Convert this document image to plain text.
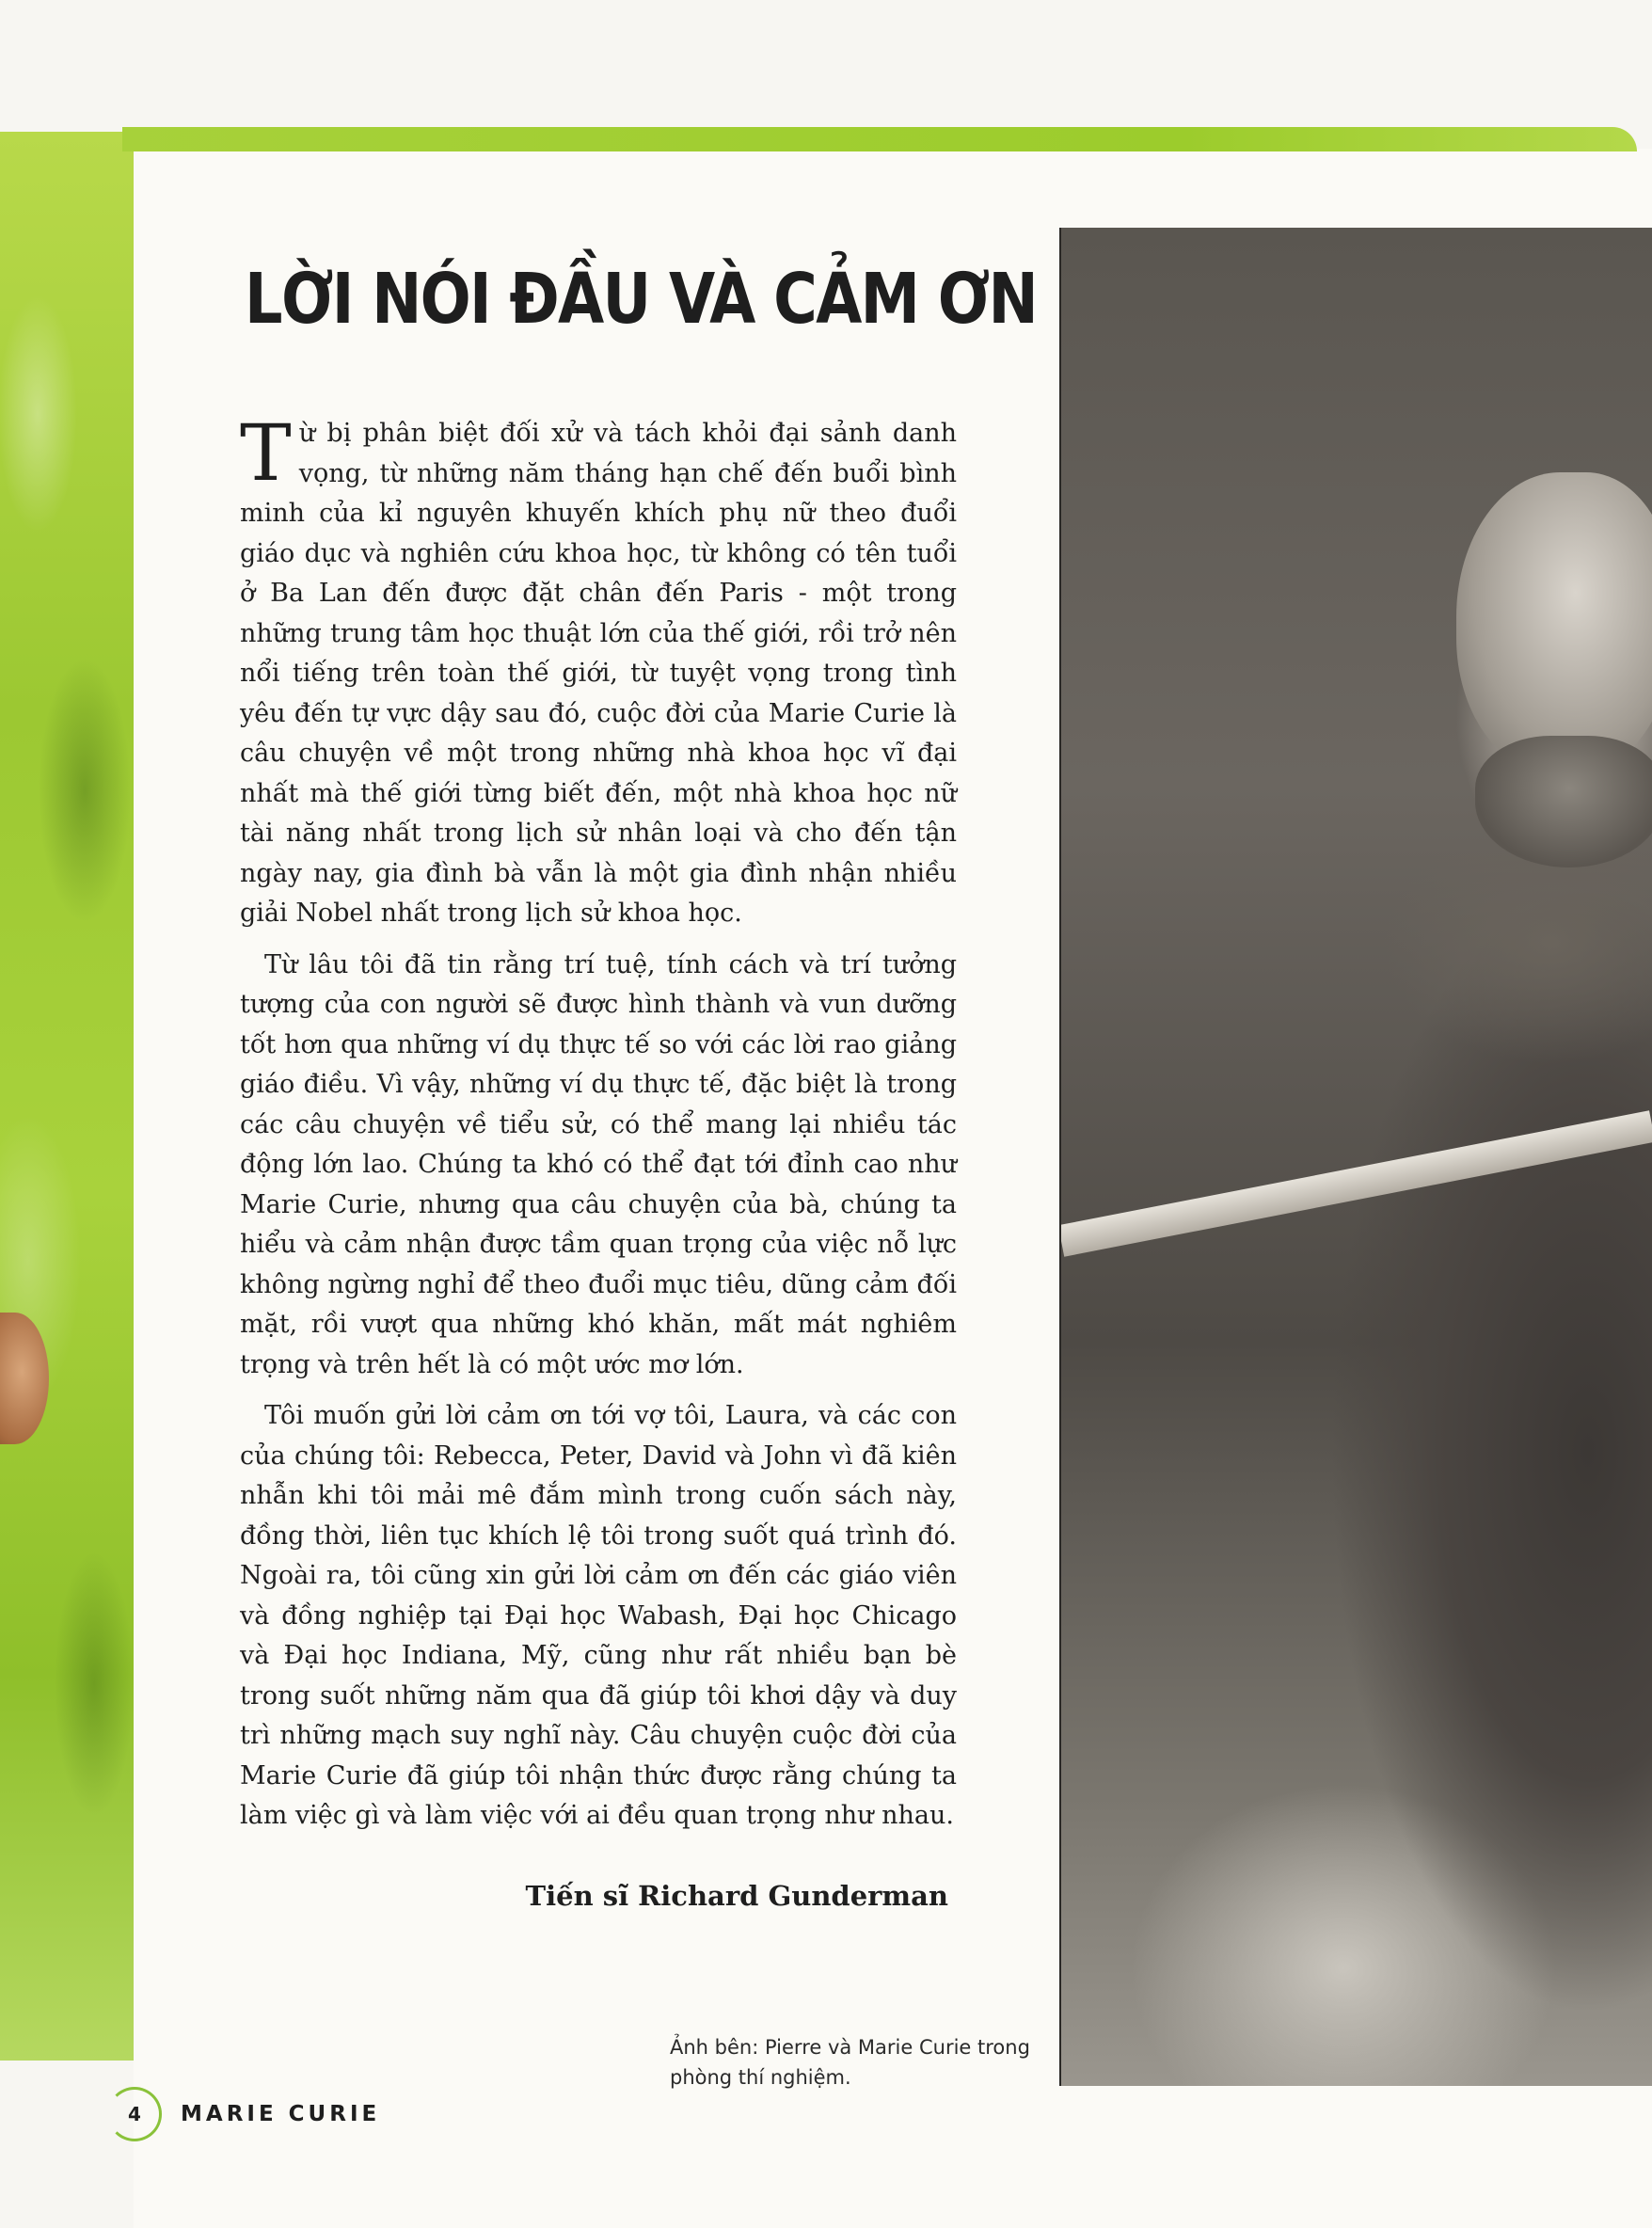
LỜI NÓI ĐẦU VÀ CẢM ƠN

Từ bị phân biệt đối xử và tách khỏi đại sảnh danh vọng, từ những năm tháng hạn chế đến buổi bình minh của kỉ nguyên khuyến khích phụ nữ theo đuổi giáo dục và nghiên cứu khoa học, từ không có tên tuổi ở Ba Lan đến được đặt chân đến Paris - một trong những trung tâm học thuật lớn của thế giới, rồi trở nên nổi tiếng trên toàn thế giới, từ tuyệt vọng trong tình yêu đến tự vực dậy sau đó, cuộc đời của Marie Curie là câu chuyện về một trong những nhà khoa học vĩ đại nhất mà thế giới từng biết đến, một nhà khoa học nữ tài năng nhất trong lịch sử nhân loại và cho đến tận ngày nay, gia đình bà vẫn là một gia đình nhận nhiều giải Nobel nhất trong lịch sử khoa học.

Từ lâu tôi đã tin rằng trí tuệ, tính cách và trí tưởng tượng của con người sẽ được hình thành và vun dưỡng tốt hơn qua những ví dụ thực tế so với các lời rao giảng giáo điều. Vì vậy, những ví dụ thực tế, đặc biệt là trong các câu chuyện về tiểu sử, có thể mang lại nhiều tác động lớn lao. Chúng ta khó có thể đạt tới đỉnh cao như Marie Curie, nhưng qua câu chuyện của bà, chúng ta hiểu và cảm nhận được tầm quan trọng của việc nỗ lực không ngừng nghỉ để theo đuổi mục tiêu, dũng cảm đối mặt, rồi vượt qua những khó khăn, mất mát nghiêm trọng và trên hết là có một ước mơ lớn.

Tôi muốn gửi lời cảm ơn tới vợ tôi, Laura, và các con của chúng tôi: Rebecca, Peter, David và John vì đã kiên nhẫn khi tôi mải mê đắm mình trong cuốn sách này, đồng thời, liên tục khích lệ tôi trong suốt quá trình đó. Ngoài ra, tôi cũng xin gửi lời cảm ơn đến các giáo viên và đồng nghiệp tại Đại học Wabash, Đại học Chicago và Đại học Indiana, Mỹ, cũng như rất nhiều bạn bè trong suốt những năm qua đã giúp tôi khơi dậy và duy trì những mạch suy nghĩ này. Câu chuyện cuộc đời của Marie Curie đã giúp tôi nhận thức được rằng chúng ta làm việc gì và làm việc với ai đều quan trọng như nhau.

Tiến sĩ Richard Gunderman

Ảnh bên: Pierre và Marie Curie trong phòng thí nghiệm.

4	MARIE CURIE
